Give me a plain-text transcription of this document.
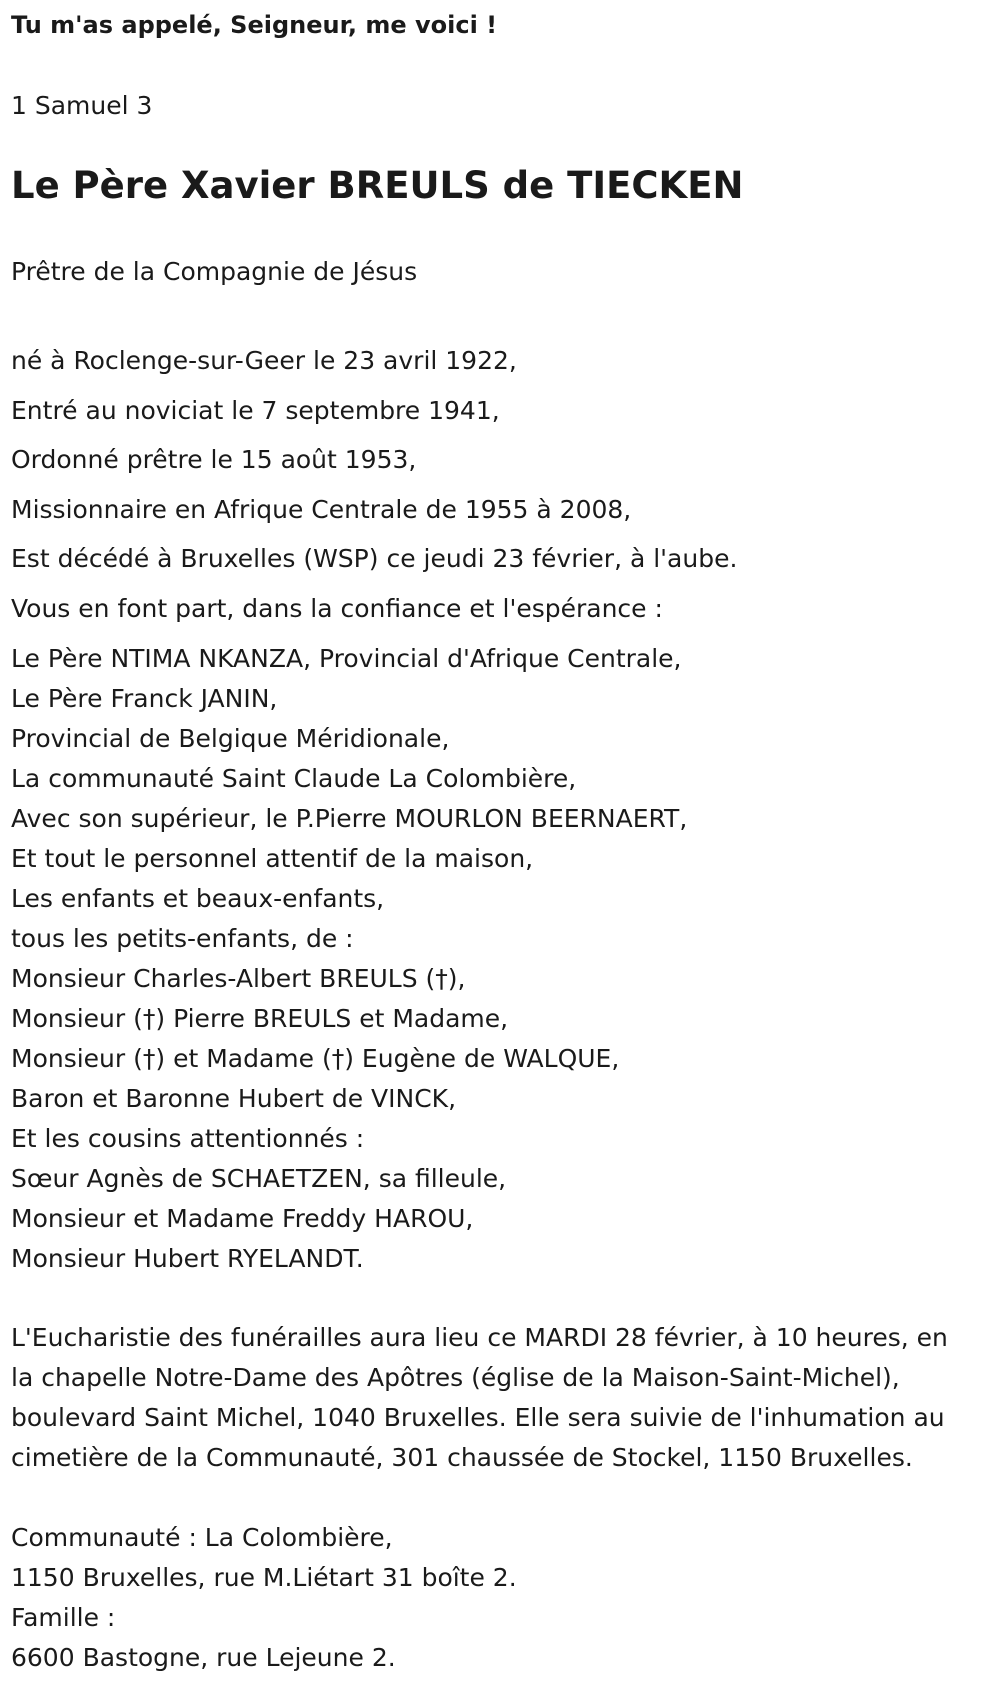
Tu m'as appelé, Seigneur, me voici !
1 Samuel 3
Le Père Xavier BREULS de TIECKEN
Prêtre de la Compagnie de Jésus
né à Roclenge-sur-Geer le 23 avril 1922,
Entré au noviciat le 7 septembre 1941,
Ordonné prêtre le 15 août 1953,
Missionnaire en Afrique Centrale de 1955 à 2008,
Est décédé à Bruxelles (WSP) ce jeudi 23 février, à l'aube.
Vous en font part, dans la confiance et l'espérance :
Le Père NTIMA NKANZA, Provincial d'Afrique Centrale,
Le Père Franck JANIN,
Provincial de Belgique Méridionale,
La communauté Saint Claude La Colombière,
Avec son supérieur, le P.Pierre MOURLON BEERNAERT,
Et tout le personnel attentif de la maison,
Les enfants et beaux-enfants,
tous les petits-enfants, de :
Monsieur Charles-Albert BREULS (†),
Monsieur (†) Pierre BREULS et Madame,
Monsieur (†) et Madame (†) Eugène de WALQUE,
Baron et Baronne Hubert de VINCK,
Et les cousins attentionnés :
Sœur Agnès de SCHAETZEN, sa filleule,
Monsieur et Madame Freddy HAROU,
Monsieur Hubert RYELANDT.
L'Eucharistie des funérailles aura lieu ce MARDI 28 février, à 10 heures, en
la chapelle Notre-Dame des Apôtres (église de la Maison-Saint-Michel),
boulevard Saint Michel, 1040 Bruxelles. Elle sera suivie de l'inhumation au
cimetière de la Communauté, 301 chaussée de Stockel, 1150 Bruxelles.
Communauté : La Colombière,
1150 Bruxelles, rue M.Liétart 31 boîte 2.
Famille :
6600 Bastogne, rue Lejeune 2.
